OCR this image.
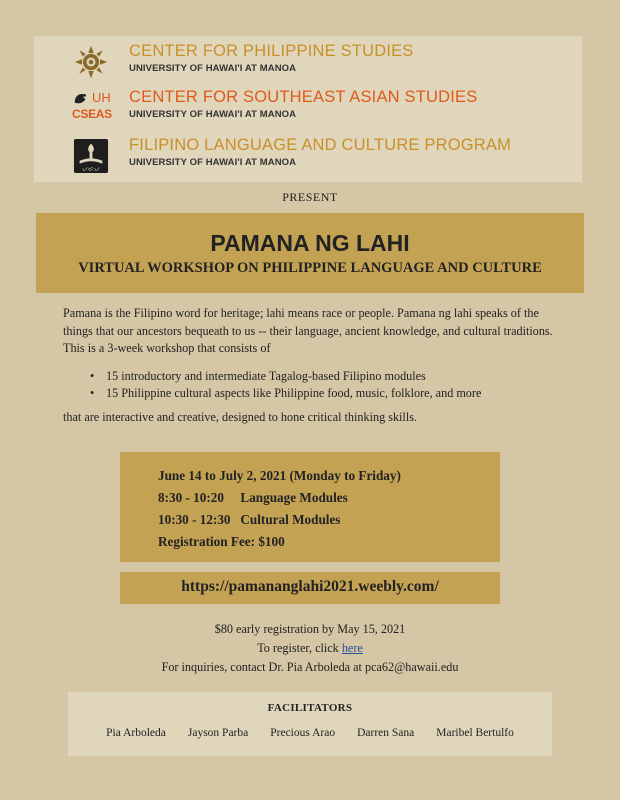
CENTER FOR PHILIPPINE STUDIES
UNIVERSITY OF HAWAI'I AT MANOA
UH
CSEAS
CENTER FOR SOUTHEAST ASIAN STUDIES
UNIVERSITY OF HAWAI'I AT MANOA
ᜉᜇᜉ
FILIPINO LANGUAGE AND CULTURE PROGRAM
UNIVERSITY OF HAWAI'I AT MANOA
PRESENT
PAMANA NG LAHI
VIRTUAL WORKSHOP ON PHILIPPINE LANGUAGE AND CULTURE
Pamana is the Filipino word for heritage; lahi means race or people. Pamana ng lahi speaks of the things that our ancestors bequeath to us -- their language, ancient knowledge, and cultural traditions. This is a 3-week workshop that consists of
• 15 introductory and intermediate Tagalog-based Filipino modules
• 15 Philippine cultural aspects like Philippine food, music, folklore, and more
that are interactive and creative, designed to hone critical thinking skills.
June 14 to July 2, 2021 (Monday to Friday)
8:30 - 10:20     Language Modules
10:30 - 12:30   Cultural Modules
Registration Fee: $100
https://pamananglahi2021.weebly.com/
$80 early registration by May 15, 2021
To register, click here
For inquiries, contact Dr. Pia Arboleda at pca62@hawaii.edu
FACILITATORS
Pia Arboleda Jayson Parba Precious Arao Darren Sana Maribel Bertulfo
